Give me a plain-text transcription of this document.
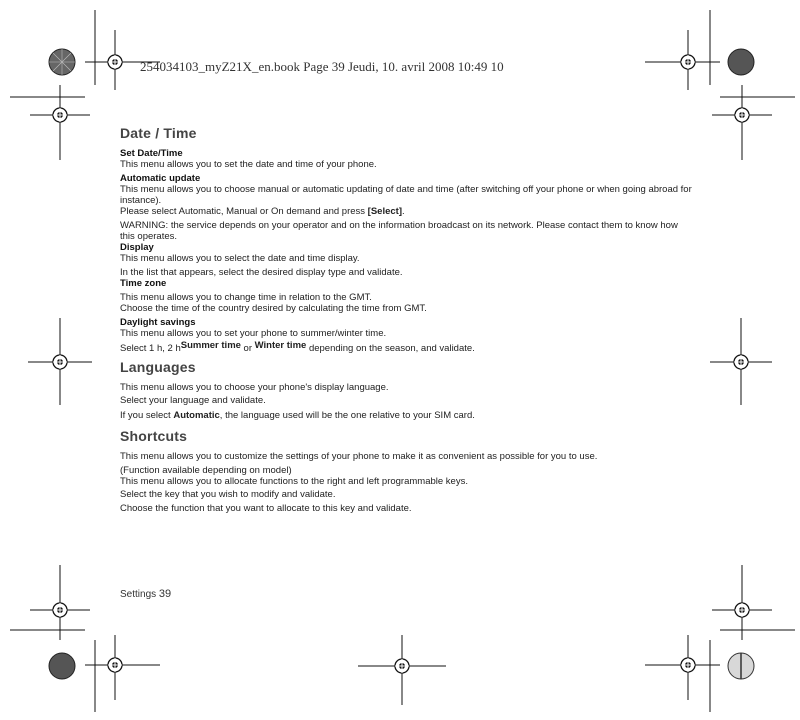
254034103_myZ21X_en.book Page 39 Jeudi, 10. avril 2008 10:49 10
Date / Time
Set Date/Time

This menu allows you to set the date and time of your phone.

Automatic update

This menu allows you to choose manual or automatic updating of date and time (after switching off your phone or when going abroad for instance).

Please select Automatic, Manual or On demand and press [Select].

WARNING: the service depends on your operator and on the information broadcast on its network. Please contact them to know how this operates.

Display

This menu allows you to select the date and time display.

In the list that appears, select the desired display type and validate.

Time zone

This menu allows you to change time in relation to the GMT.

Choose the time of the country desired by calculating the time from GMT.

Daylight savings

This menu allows you to set your phone to summer/winter time.

Select 1 h, 2 hSummer time or Winter time depending on the season, and validate.

Languages

This menu allows you to choose your phone's display language.

Select your language and validate.

If you select Automatic, the language used will be the one relative to your SIM card.

Shortcuts

This menu allows you to customize the settings of your phone to make it as convenient as possible for you to use.

(Function available depending on model)

This menu allows you to allocate functions to the right and left programmable keys.

Select the key that you wish to modify and validate.

Choose the function that you want to allocate to this key and validate.

Settings 39
